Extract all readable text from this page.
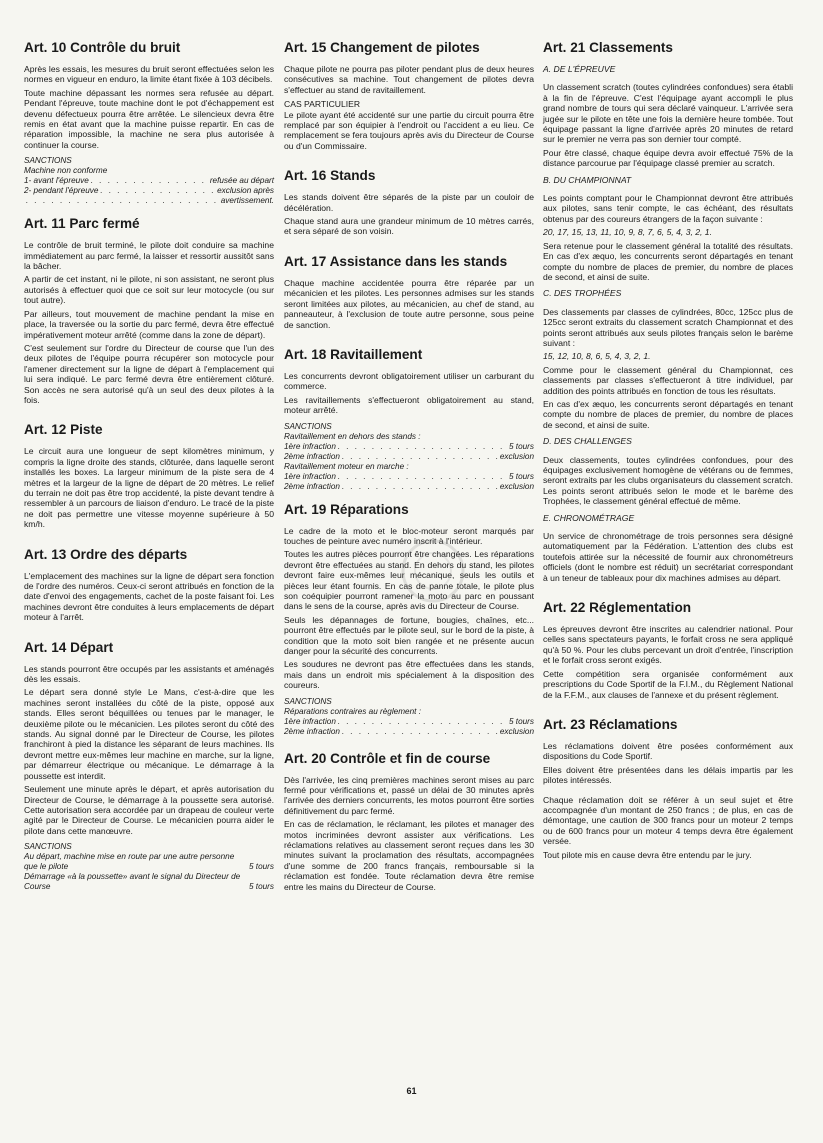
Art. 10 Contrôle du bruit

Après les essais, les mesures du bruit seront effectuées selon les normes en vigueur en enduro, la limite étant fixée à 103 décibels.

Toute machine dépassant les normes sera refusée au départ. Pendant l'épreuve, toute machine dont le pot d'échappement est devenu défectueux pourra être arrêtée. Le silencieux devra être remis en état avant que la machine puisse repartir. En cas de réparation impossible, la machine ne sera plus autorisée à continuer la course.

SANCTIONS
Machine non conforme
1- avant l'épreuve . . .	refusée au départ
2- pendant l'épreuve . . .	exclusion après
. . .
avertissement.
Art. 11 Parc fermé

Le contrôle de bruit terminé, le pilote doit conduire sa machine immédiatement au parc fermé, la laisser et ressortir aussitôt sans la bâcher.

A partir de cet instant, ni le pilote, ni son assistant, ne seront plus autorisés à effectuer quoi que ce soit sur leur motocycle (ou sur tout autre).

Par ailleurs, tout mouvement de machine pendant la mise en place, la traversée ou la sortie du parc fermé, devra être effectué impérativement moteur arrêté (comme dans la zone de départ).

C'est seulement sur l'ordre du Directeur de course que l'un des deux pilotes de l'équipe pourra récupérer son motocycle pour l'amener directement sur la ligne de départ à l'emplacement qui lui sera indiqué. Le parc fermé devra être entièrement clôturé. Son accès ne sera autorisé qu'à un seul des deux pilotes à la fois.

Art. 12 Piste

Le circuit aura une longueur de sept kilomètres minimum, y compris la ligne droite des stands, clôturée, dans laquelle seront installés les boxes. La largeur minimum de la piste sera de 4 mètres et la largeur de la ligne de départ de 20 mètres. Le relief du terrain ne doit pas être trop accidenté, la piste devant tendre à ressembler à un parcours de liaison d'enduro. Le tracé de la piste ne doit pas permettre une vitesse moyenne supérieure à 50 km/h.

Art. 13 Ordre des départs

L'emplacement des machines sur la ligne de départ sera fonction de l'ordre des numéros. Ceux-ci seront attribués en fonction de la date d'envoi des engagements, cachet de la poste faisant foi. Les machines devront être conduites à leurs emplacements de départ moteur à l'arrêt.

Art. 14 Départ

Les stands pourront être occupés par les assistants et aménagés dès les essais.

Le départ sera donné style Le Mans, c'est-à-dire que les machines seront installées du côté de la piste, opposé aux stands. Elles seront béquillées ou tenues par le manager, le deuxième pilote ou le mécanicien. Les pilotes seront du côté des stands. Au signal donné par le Directeur de Course, les pilotes franchiront à pied la distance les séparant de leurs machines. Ils devront mettre eux-mêmes leur machine en marche, sur la ligne, par démarreur électrique ou mécanique. Le démarrage à la poussette est interdit.

Seulement une minute après le départ, et après autorisation du Directeur de Course, le démarrage à la poussette sera autorisé. Cette autorisation sera accordée par un drapeau de couleur verte agité par le Directeur de Course. Le mécanicien pourra aider le pilote dans cette manœuvre.

SANCTIONS
Au départ, machine mise en route par une autre personne que le pilote	5 tours
Démarrage «à la poussette» avant le signal du Directeur de Course	5 tours
Art. 15 Changement de pilotes

Chaque pilote ne pourra pas piloter pendant plus de deux heures consécutives sa machine. Tout changement de pilotes devra s'effectuer au stand de ravitaillement.

CAS PARTICULIER

Le pilote ayant été accidenté sur une partie du circuit pourra être remplacé par son équipier à l'endroit ou l'accident a eu lieu. Ce remplacement se fera toujours après avis du Directeur de Course ou d'un Commissaire.

Art. 16 Stands

Les stands doivent être séparés de la piste par un couloir de décélération.

Chaque stand aura une grandeur minimum de 10 mètres carrés, et sera séparé de son voisin.

Art. 17 Assistance dans les stands

Chaque machine accidentée pourra être réparée par un mécanicien et les pilotes. Les personnes admises sur les stands seront limitées aux pilotes, au mécanicien, au chef de stand, au panneauteur, à l'exclusion de toute autre personne, sous peine de sanction.

Art. 18 Ravitaillement

Les concurrents devront obligatoirement utiliser un carburant du commerce.

Les ravitaillements s'effectueront obligatoirement au stand, moteur arrêté.

SANCTIONS
Ravitaillement en dehors des stands :
1ère infraction . . .	5 tours
2ème infraction . . .	exclusion
Ravitaillement moteur en marche :
1ère infraction . . .	5 tours
2ème infraction . . .	exclusion
Art. 19 Réparations

Le cadre de la moto et le bloc-moteur seront marqués par touches de peinture avec numéro inscrit à l'intérieur.

Toutes les autres pièces pourront être changées. Les réparations devront être effectuées au stand. En dehors du stand, les pilotes devront faire eux-mêmes leur mécanique, seuls les outils et pièces leur étant fournis. En cas de panne totale, le pilote plus son coéquipier pourront ramener la moto au parc en poussant dans le sens de la course, après avis du Directeur de Course.

Seuls les dépannages de fortune, bougies, chaînes, etc... pourront être effectués par le pilote seul, sur le bord de la piste, à condition que la moto soit bien rangée et ne présente aucun danger pour la sécurité des concurrents.

Les soudures ne devront pas être effectuées dans les stands, mais dans un endroit mis spécialement à la disposition des coureurs.

SANCTIONS
Réparations contraires au règlement :
1ère infraction . . .	5 tours
2ème infraction . . .	exclusion
Art. 20 Contrôle et fin de course

Dès l'arrivée, les cinq premières machines seront mises au parc fermé pour vérifications et, passé un délai de 30 minutes après l'arrivée des derniers concurrents, les motos pourront être sorties définitivement du parc fermé.

En cas de réclamation, le réclamant, les pilotes et manager des motos incriminées devront assister aux vérifications. Les réclamations relatives au classement seront reçues dans les 30 minutes suivant la proclamation des résultats, accompagnées d'une somme de 200 francs français, remboursable si la réclamation est fondée. Toute réclamation devra être remise entre les mains du Directeur de Course.

Art. 21 Classements
A. DE L'ÉPREUVE

Un classement scratch (toutes cylindrées confondues) sera établi à la fin de l'épreuve. C'est l'équipage ayant accompli le plus grand nombre de tours qui sera déclaré vainqueur. L'arrivée sera jugée sur le pilote en tête une fois la dernière heure tombée. Tout équipage passant la ligne d'arrivée après 20 minutes de retard sur le premier ne verra pas son dernier tour compté.

Pour être classé, chaque équipe devra avoir effectué 75% de la distance parcourue par l'équipage classé premier au scratch.

B. DU CHAMPIONNAT

Les points comptant pour le Championnat devront être attribués aux pilotes, sans tenir compte, le cas échéant, des résultats obtenus par des coureurs étrangers de la façon suivante :

20, 17, 15, 13, 11, 10, 9, 8, 7, 6, 5, 4, 3, 2, 1.

Sera retenue pour le classement général la totalité des résultats. En cas d'ex æquo, les concurrents seront départagés en tenant compte du nombre de places de premier, du nombre de places de second, et ainsi de suite.

C. DES TROPHÉES

Des classements par classes de cylindrées, 80cc, 125cc plus de 125cc seront extraits du classement scratch Championnat et des points seront attribués aux seuls pilotes français selon le barème suivant :

15, 12, 10, 8, 6, 5, 4, 3, 2, 1.

Comme pour le classement général du Championnat, ces classements par classes s'effectueront à titre individuel, par addition des points attribués en fonction de tous les résultats.

En cas d'ex æquo, les concurrents seront départagés en tenant compte du nombre de places de premier, du nombre de places de second, et ainsi de suite.

D. DES CHALLENGES

Deux classements, toutes cylindrées confondues, pour des équipages exclusivement homogène de vétérans ou de femmes, seront extraits par les clubs organisateurs du classement scratch. Les points seront attribués selon le mode et le barème des Trophées, le classement général effectué de même.

E. CHRONOMÉTRAGE

Un service de chronométrage de trois personnes sera désigné automatiquement par la Fédération. L'attention des clubs est toutefois attirée sur la nécessité de fournir aux chronométreurs officiels (dont le nombre est réduit) un secrétariat correspondant à un teneur de tableaux pour dix machines admises au départ.

Art. 22 Réglementation

Les épreuves devront être inscrites au calendrier national. Pour celles sans spectateurs payants, le forfait cross ne sera appliqué qu'à 50 %. Pour les clubs percevant un droit d'entrée, l'inscription et le forfait cross seront exigés.

Cette compétition sera organisée conformément aux prescriptions du Code Sportif de la F.I.M., du Règlement National de la F.F.M., aux clauses de l'annexe et du présent règlement.

Art. 23 Réclamations

Les réclamations doivent être posées conformément aux dispositions du Code Sportif.

Elles doivent être présentées dans les délais impartis par les pilotes intéressés.

Chaque réclamation doit se référer à un seul sujet et être accompagnée d'un montant de 250 francs ; de plus, en cas de démontage, une caution de 300 francs pour un moteur 2 temps ou de 600 francs pour un moteur 4 temps devra être également versée.

Tout pilote mis en cause devra être entendu par le jury.

61
